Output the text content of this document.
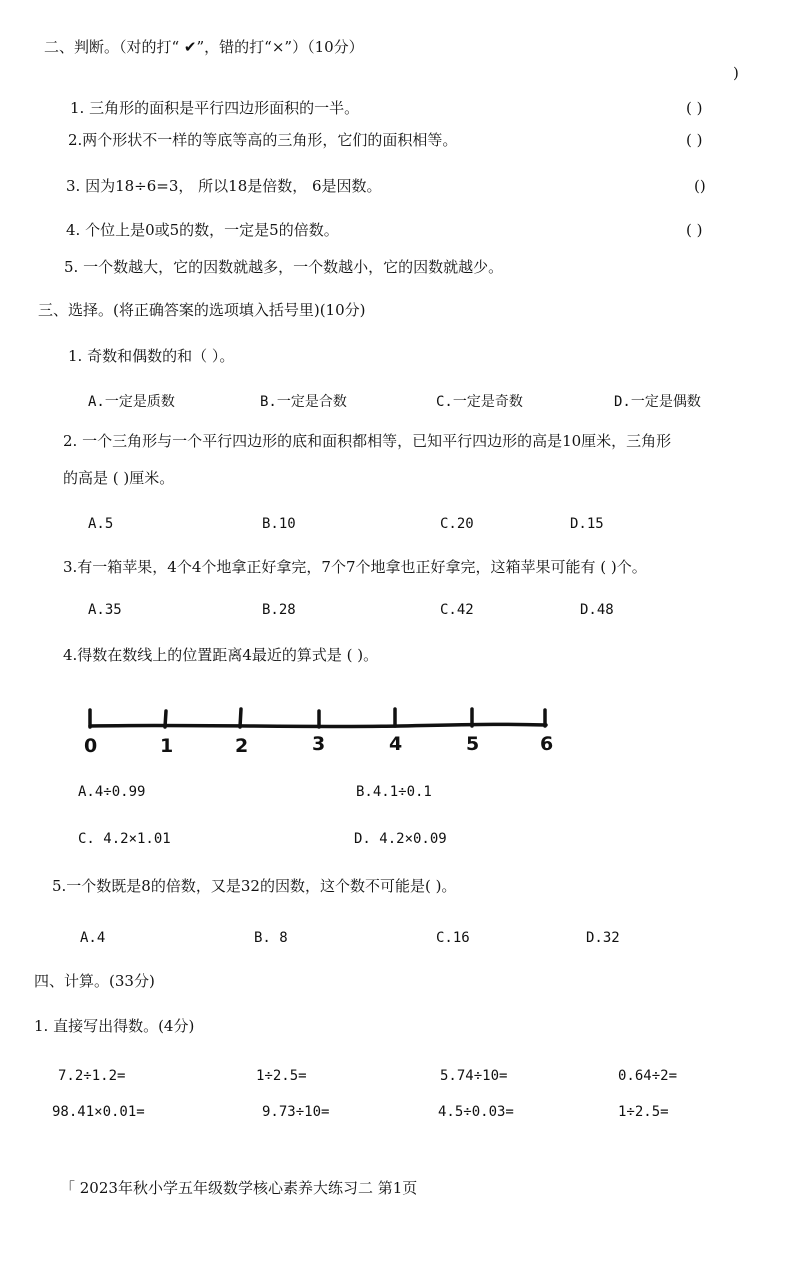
二、判断。（对的打“ ✔”，错的打“×”）（10分）
)
1. 三角形的面积是平行四边形面积的一半。	( )
2.两个形状不一样的等底等高的三角形，它们的面积相等。	( )
3. 因为18÷6=3， 所以18是倍数， 6是因数。	()
4. 个位上是0或5的数，一定是5的倍数。	( )
5. 一个数越大，它的因数就越多，一个数越小，它的因数就越少。
三、选择。(将正确答案的选项填入括号里)(10分)
1. 奇数和偶数的和（ ）。
A.一定是质数	B.一定是合数	C.一定是奇数	D.一定是偶数
2. 一个三角形与一个平行四边形的底和面积都相等，已知平行四边形的高是10厘米，三角形
的高是 ( )厘米。
A.5	B.10	C.20	D.15
3.有一箱苹果，4个4个地拿正好拿完，7个7个地拿也正好拿完，这箱苹果可能有 ( )个。
A.35	B.28	C.42	D.48
4.得数在数线上的位置距离4最近的算式是 ( )。
0	1	2	3	4	5	6
A.4÷0.99	B.4.1÷0.1
C. 4.2×1.01	D. 4.2×0.09
5.一个数既是8的倍数，又是32的因数，这个数不可能是( )。
A.4	B. 8	C.16	D.32
四、计算。(33分)
1. 直接写出得数。(4分)
7.2÷1.2=	1÷2.5=	5.74÷10=	0.64÷2=
98.41×0.01=	9.73÷10=	4.5÷0.03=	1÷2.5=
「 2023年秋小学五年级数学核心素养大练习二 第1页
